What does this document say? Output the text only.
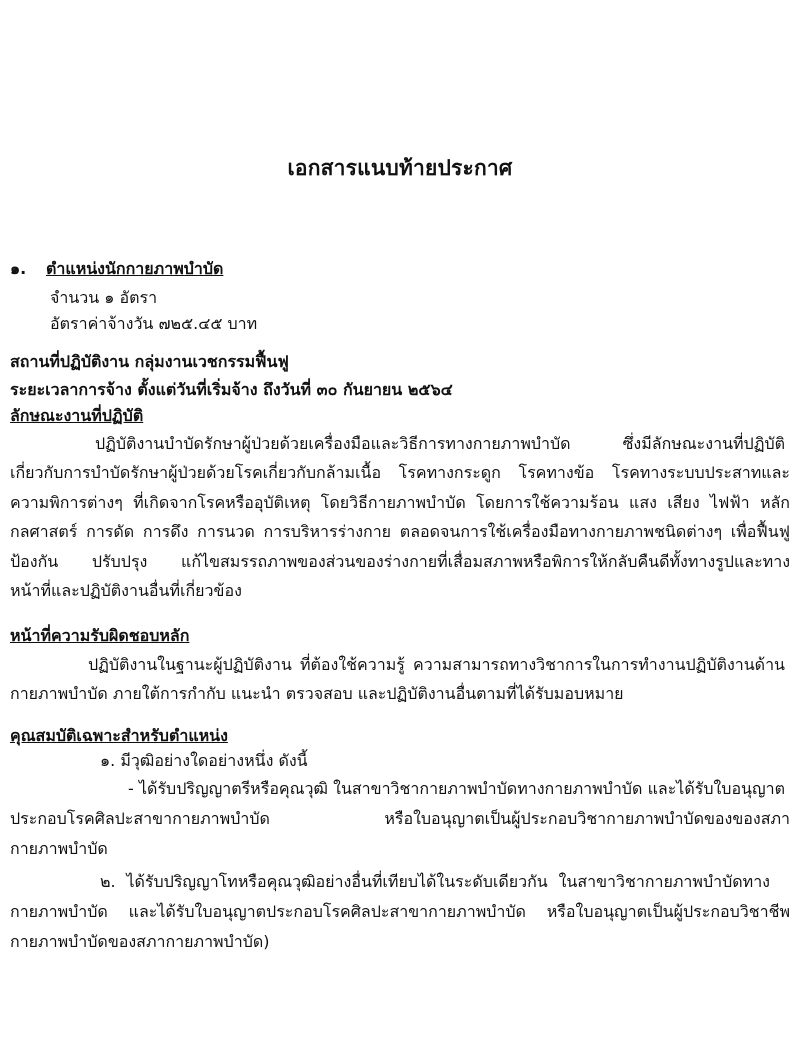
เอกสารแนบท้ายประกาศ
๑. ตำแหน่งนักกายภาพบำบัด
จำนวน ๑ อัตรา
อัตราค่าจ้างวัน ๗๒๕.๔๕ บาท
สถานที่ปฏิบัติงาน กลุ่มงานเวชกรรมฟื้นฟู
ระยะเวลาการจ้าง ตั้งแต่วันที่เริ่มจ้าง ถึงวันที่ ๓๐ กันยายน ๒๕๖๔
ลักษณะงานที่ปฏิบัติ
ปฏิบัติงานบำบัดรักษาผู้ป่วยด้วยเครื่องมือและวิธีการทางกายภาพบำบัด ซึ่งมีลักษณะงานที่ปฏิบัติ
เกี่ยวกับการบำบัดรักษาผู้ป่วยด้วยโรคเกี่ยวกับกล้ามเนื้อ โรคทางกระดูก โรคทางข้อ โรคทางระบบประสาทและ
ความพิการต่างๆ ที่เกิดจากโรคหรืออุบัติเหตุ โดยวิธีกายภาพบำบัด โดยการใช้ความร้อน แสง เสียง ไฟฟ้า หลัก
กลศาสตร์ การดัด การดึง การนวด การบริหารร่างกาย ตลอดจนการใช้เครื่องมือทางกายภาพชนิดต่างๆ เพื่อฟื้นฟู
ป้องกัน ปรับปรุง แก้ไขสมรรถภาพของส่วนของร่างกายที่เสื่อมสภาพหรือพิการให้กลับคืนดีทั้งทางรูปและทาง
หน้าที่และปฏิบัติงานอื่นที่เกี่ยวข้อง
หน้าที่ความรับผิดชอบหลัก
ปฏิบัติงานในฐานะผู้ปฏิบัติงาน ที่ต้องใช้ความรู้ ความสามารถทางวิชาการในการทำงานปฏิบัติงานด้าน
กายภาพบำบัด ภายใต้การกำกับ แนะนำ ตรวจสอบ และปฏิบัติงานอื่นตามที่ได้รับมอบหมาย
คุณสมบัติเฉพาะสำหรับตำแหน่ง
๑. มีวุฒิอย่างใดอย่างหนึ่ง ดังนี้
- ได้รับปริญญาตรีหรือคุณวุฒิ ในสาขาวิชากายภาพบำบัดทางกายภาพบำบัด และได้รับใบอนุญาต
ประกอบโรคศิลปะสาขากายภาพบำบัด หรือใบอนุญาตเป็นผู้ประกอบวิชากายภาพบำบัดของของสภา
กายภาพบำบัด
๒. ได้รับปริญญาโทหรือคุณวุฒิอย่างอื่นที่เทียบได้ในระดับเดียวกัน ในสาขาวิชากายภาพบำบัดทาง
กายภาพบำบัด และได้รับใบอนุญาตประกอบโรคศิลปะสาขากายภาพบำบัด หรือใบอนุญาตเป็นผู้ประกอบวิชาชีพ
กายภาพบำบัดของสภากายภาพบำบัด)
